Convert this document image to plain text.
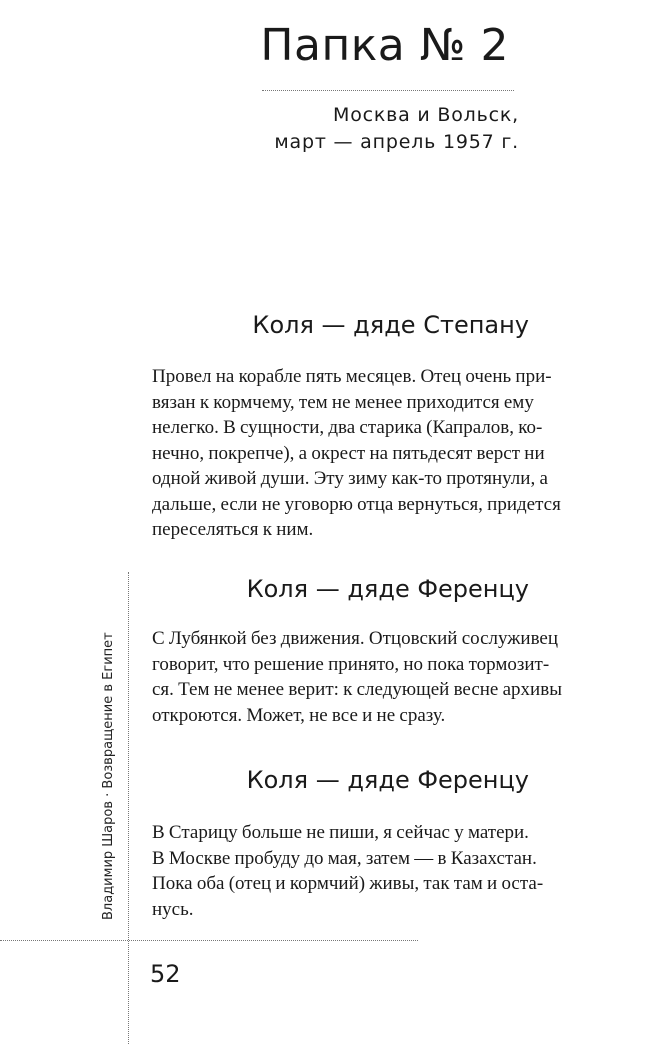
Папка № 2
Москва и Вольск,
март — апрель 1957 г.
Коля — дяде Степану
Провел на корабле пять месяцев. Отец очень при-
вязан к кормчему, тем не менее приходится ему
нелегко. В сущности, два старика (Капралов, ко-
нечно, покрепче), а окрест на пятьдесят верст ни
одной живой души. Эту зиму как-то протянули, а
дальше, если не уговорю отца вернуться, придется
переселяться к ним.
Коля — дяде Ференцу
С Лубянкой без движения. Отцовский сослуживец
говорит, что решение принято, но пока тормозит-
ся. Тем не менее верит: к следующей весне архивы
откроются. Может, не все и не сразу.
Коля — дяде Ференцу
В Старицу больше не пиши, я сейчас у матери.
В Москве пробуду до мая, затем — в Казахстан.
Пока оба (отец и кормчий) живы, так там и оста-
нусь.
Владимир Шаров · Возвращение в Египет
52
